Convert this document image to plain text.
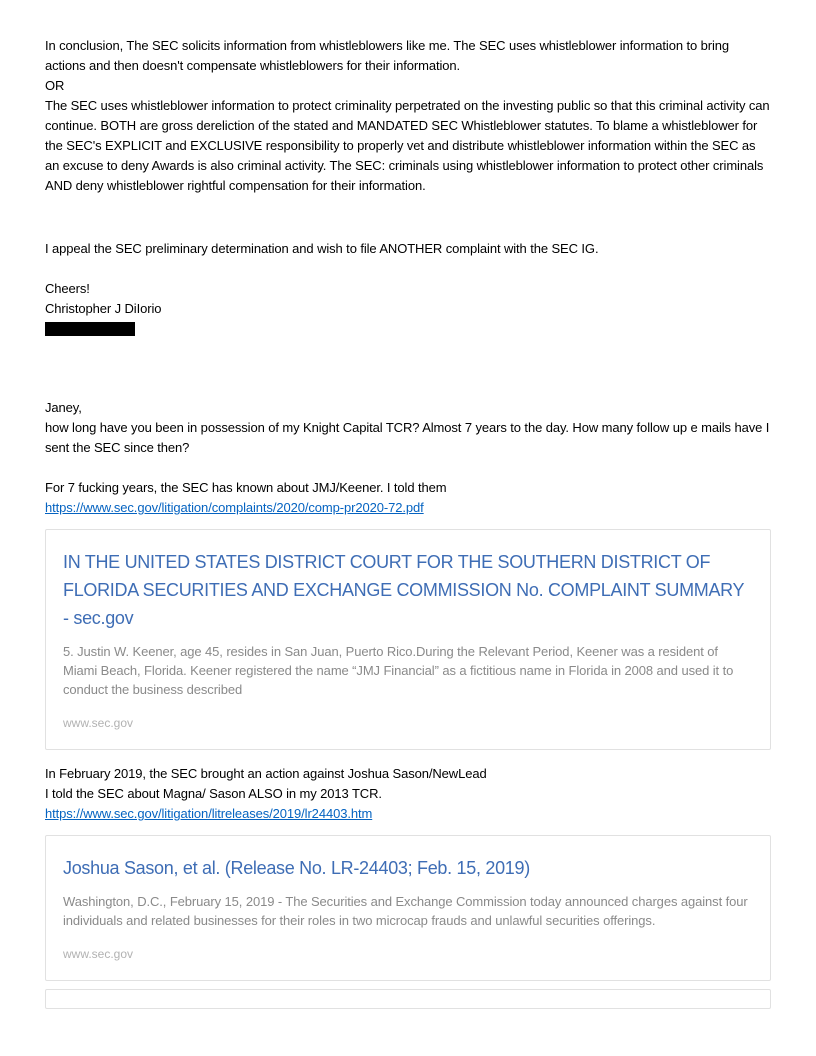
In conclusion, The SEC solicits information from whistleblowers like me. The SEC uses whistleblower information to bring actions and then doesn't compensate whistleblowers for their information.

OR

The SEC uses whistleblower information to protect criminality perpetrated on the investing public so that this criminal activity can continue. BOTH are gross dereliction of the stated and MANDATED SEC Whistleblower statutes. To blame a whistleblower for the SEC's EXPLICIT and EXCLUSIVE responsibility to properly vet and distribute whistleblower information within the SEC as an excuse to deny Awards is also criminal activity. The SEC: criminals using whistleblower information to protect other criminals AND deny whistleblower rightful compensation for their information.

I appeal the SEC preliminary determination and wish to file ANOTHER complaint with the SEC IG.

Cheers!

Christopher J DiIorio

Janey,

how long have you been in possession of my Knight Capital TCR? Almost 7 years to the day. How many follow up e mails have I sent the SEC since then?

For 7 fucking years, the SEC has known about JMJ/Keener. I told them

https://www.sec.gov/litigation/complaints/2020/comp-pr2020-72.pdf

IN THE UNITED STATES DISTRICT COURT FOR THE SOUTHERN DISTRICT OF FLORIDA SECURITIES AND EXCHANGE COMMISSION No. COMPLAINT SUMMARY - sec.gov
5. Justin W. Keener, age 45, resides in San Juan, Puerto Rico.During the Relevant Period, Keener was a resident of Miami Beach, Florida. Keener registered the name “JMJ Financial” as a fictitious name in Florida in 2008 and used it to conduct the business described
www.sec.gov

In February 2019, the SEC brought an action against Joshua Sason/NewLead

I told the SEC about Magna/ Sason ALSO in my 2013 TCR.

https://www.sec.gov/litigation/litreleases/2019/lr24403.htm

Joshua Sason, et al. (Release No. LR-24403; Feb. 15, 2019)
Washington, D.C., February 15, 2019 - The Securities and Exchange Commission today announced charges against four individuals and related businesses for their roles in two microcap frauds and unlawful securities offerings.
www.sec.gov
